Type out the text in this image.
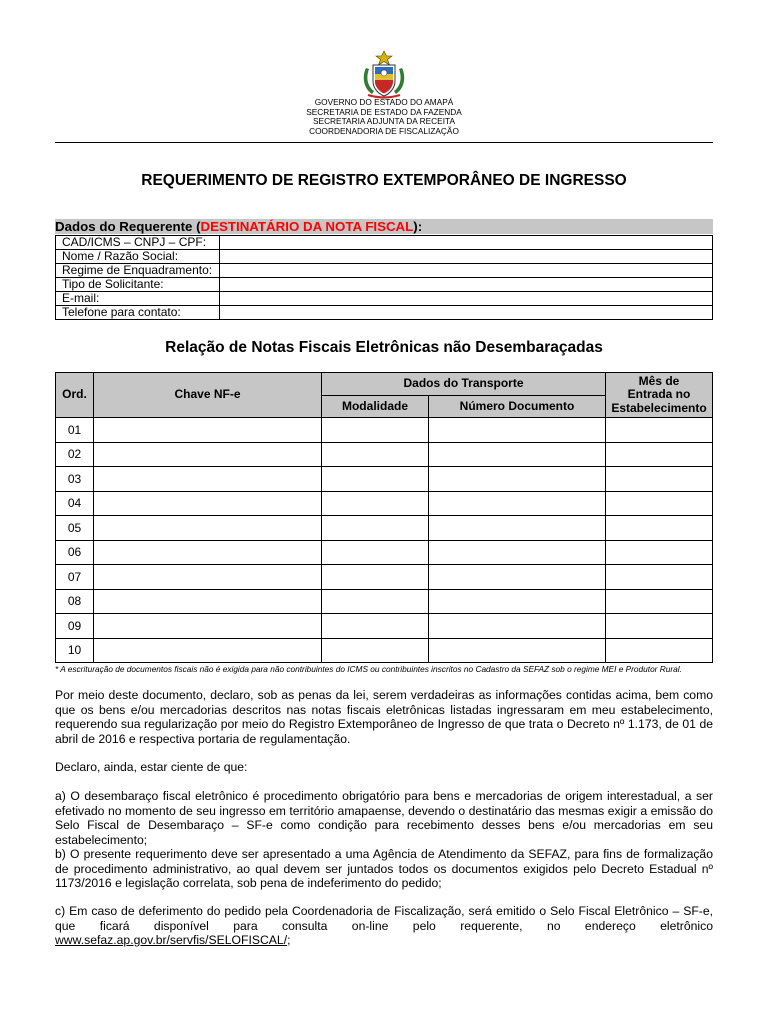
GOVERNO DO ESTADO DO AMAPÁ
SECRETARIA DE ESTADO DA FAZENDA
SECRETARIA ADJUNTA DA RECEITA
COORDENADORIA DE FISCALIZAÇÃO
REQUERIMENTO DE REGISTRO EXTEMPORÂNEO DE INGRESSO
Dados do Requerente (DESTINATÁRIO DA NOTA FISCAL):
CAD/ICMS – CNPJ – CPF:	
Nome / Razão Social:	
Regime de Enquadramento:	
Tipo de Solicitante:	
E-mail:	
Telefone para contato:	
Relação de Notas Fiscais Eletrônicas não Desembaraçadas
Ord.	Chave NF-e	Dados do Transporte		Mês de
Entrada no
Estabelecimento

		Modalidade	Número Documento	
01				
02				
03				
04				
05				
06				
07				
08				
09				
10				
* A escrituração de documentos fiscais não é exigida para não contribuintes do ICMS ou contribuintes inscritos no Cadastro da SEFAZ sob o regime MEI e Produtor Rural.
Por meio deste documento, declaro, sob as penas da lei, serem verdadeiras as informações contidas acima, bem como que os bens e/ou mercadorias descritos nas notas fiscais eletrônicas listadas ingressaram em meu estabelecimento, requerendo sua regularização por meio do Registro Extemporâneo de Ingresso de que trata o Decreto nº 1.173, de 01 de abril de 2016 e respectiva portaria de regulamentação.
Declaro, ainda, estar ciente de que:
a) O desembaraço fiscal eletrônico é procedimento obrigatório para bens e mercadorias de origem interestadual, a ser efetivado no momento de seu ingresso em território amapaense, devendo o destinatário das mesmas exigir a emissão do Selo Fiscal de Desembaraço – SF-e como condição para recebimento desses bens e/ou mercadorias em seu estabelecimento;
b) O presente requerimento deve ser apresentado a uma Agência de Atendimento da SEFAZ, para fins de formalização de procedimento administrativo, ao qual devem ser juntados todos os documentos exigidos pelo Decreto Estadual nº 1173/2016 e legislação correlata, sob pena de indeferimento do pedido;
c) Em caso de deferimento do pedido pela Coordenadoria de Fiscalização, será emitido o Selo Fiscal Eletrônico – SF-e, que ficará disponível para consulta on-line pelo requerente, no endereço eletrônico www.sefaz.ap.gov.br/servfis/SELOFISCAL/;
